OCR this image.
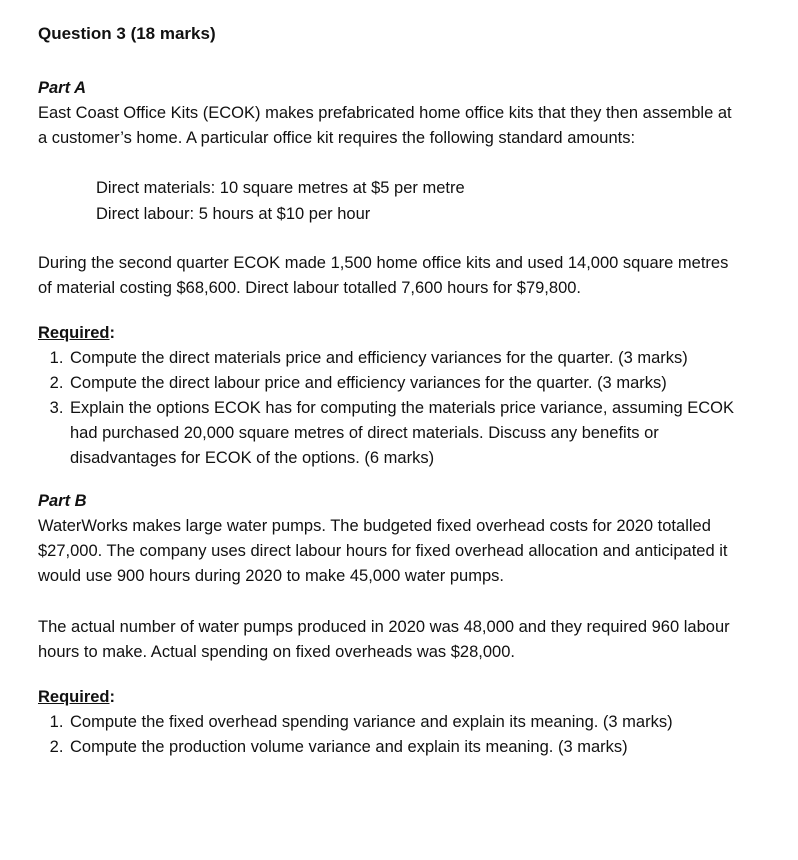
Question 3 (18 marks)

Part A

East Coast Office Kits (ECOK) makes prefabricated home office kits that they then assemble at a customer’s home. A particular office kit requires the following standard amounts:

Direct materials: 10 square metres at $5 per metre
Direct labour: 5 hours at $10 per hour

During the second quarter ECOK made 1,500 home office kits and used 14,000 square metres of material costing $68,600. Direct labour totalled 7,600 hours for $79,800.

Required:

1. Compute the direct materials price and efficiency variances for the quarter. (3 marks)
2. Compute the direct labour price and efficiency variances for the quarter. (3 marks)
3. Explain the options ECOK has for computing the materials price variance, assuming ECOK had purchased 20,000 square metres of direct materials. Discuss any benefits or disadvantages for ECOK of the options. (6 marks)

Part B

WaterWorks makes large water pumps. The budgeted fixed overhead costs for 2020 totalled $27,000. The company uses direct labour hours for fixed overhead allocation and anticipated it would use 900 hours during 2020 to make 45,000 water pumps.

The actual number of water pumps produced in 2020 was 48,000 and they required 960 labour hours to make. Actual spending on fixed overheads was $28,000.

Required:

1. Compute the fixed overhead spending variance and explain its meaning. (3 marks)
2. Compute the production volume variance and explain its meaning. (3 marks)
